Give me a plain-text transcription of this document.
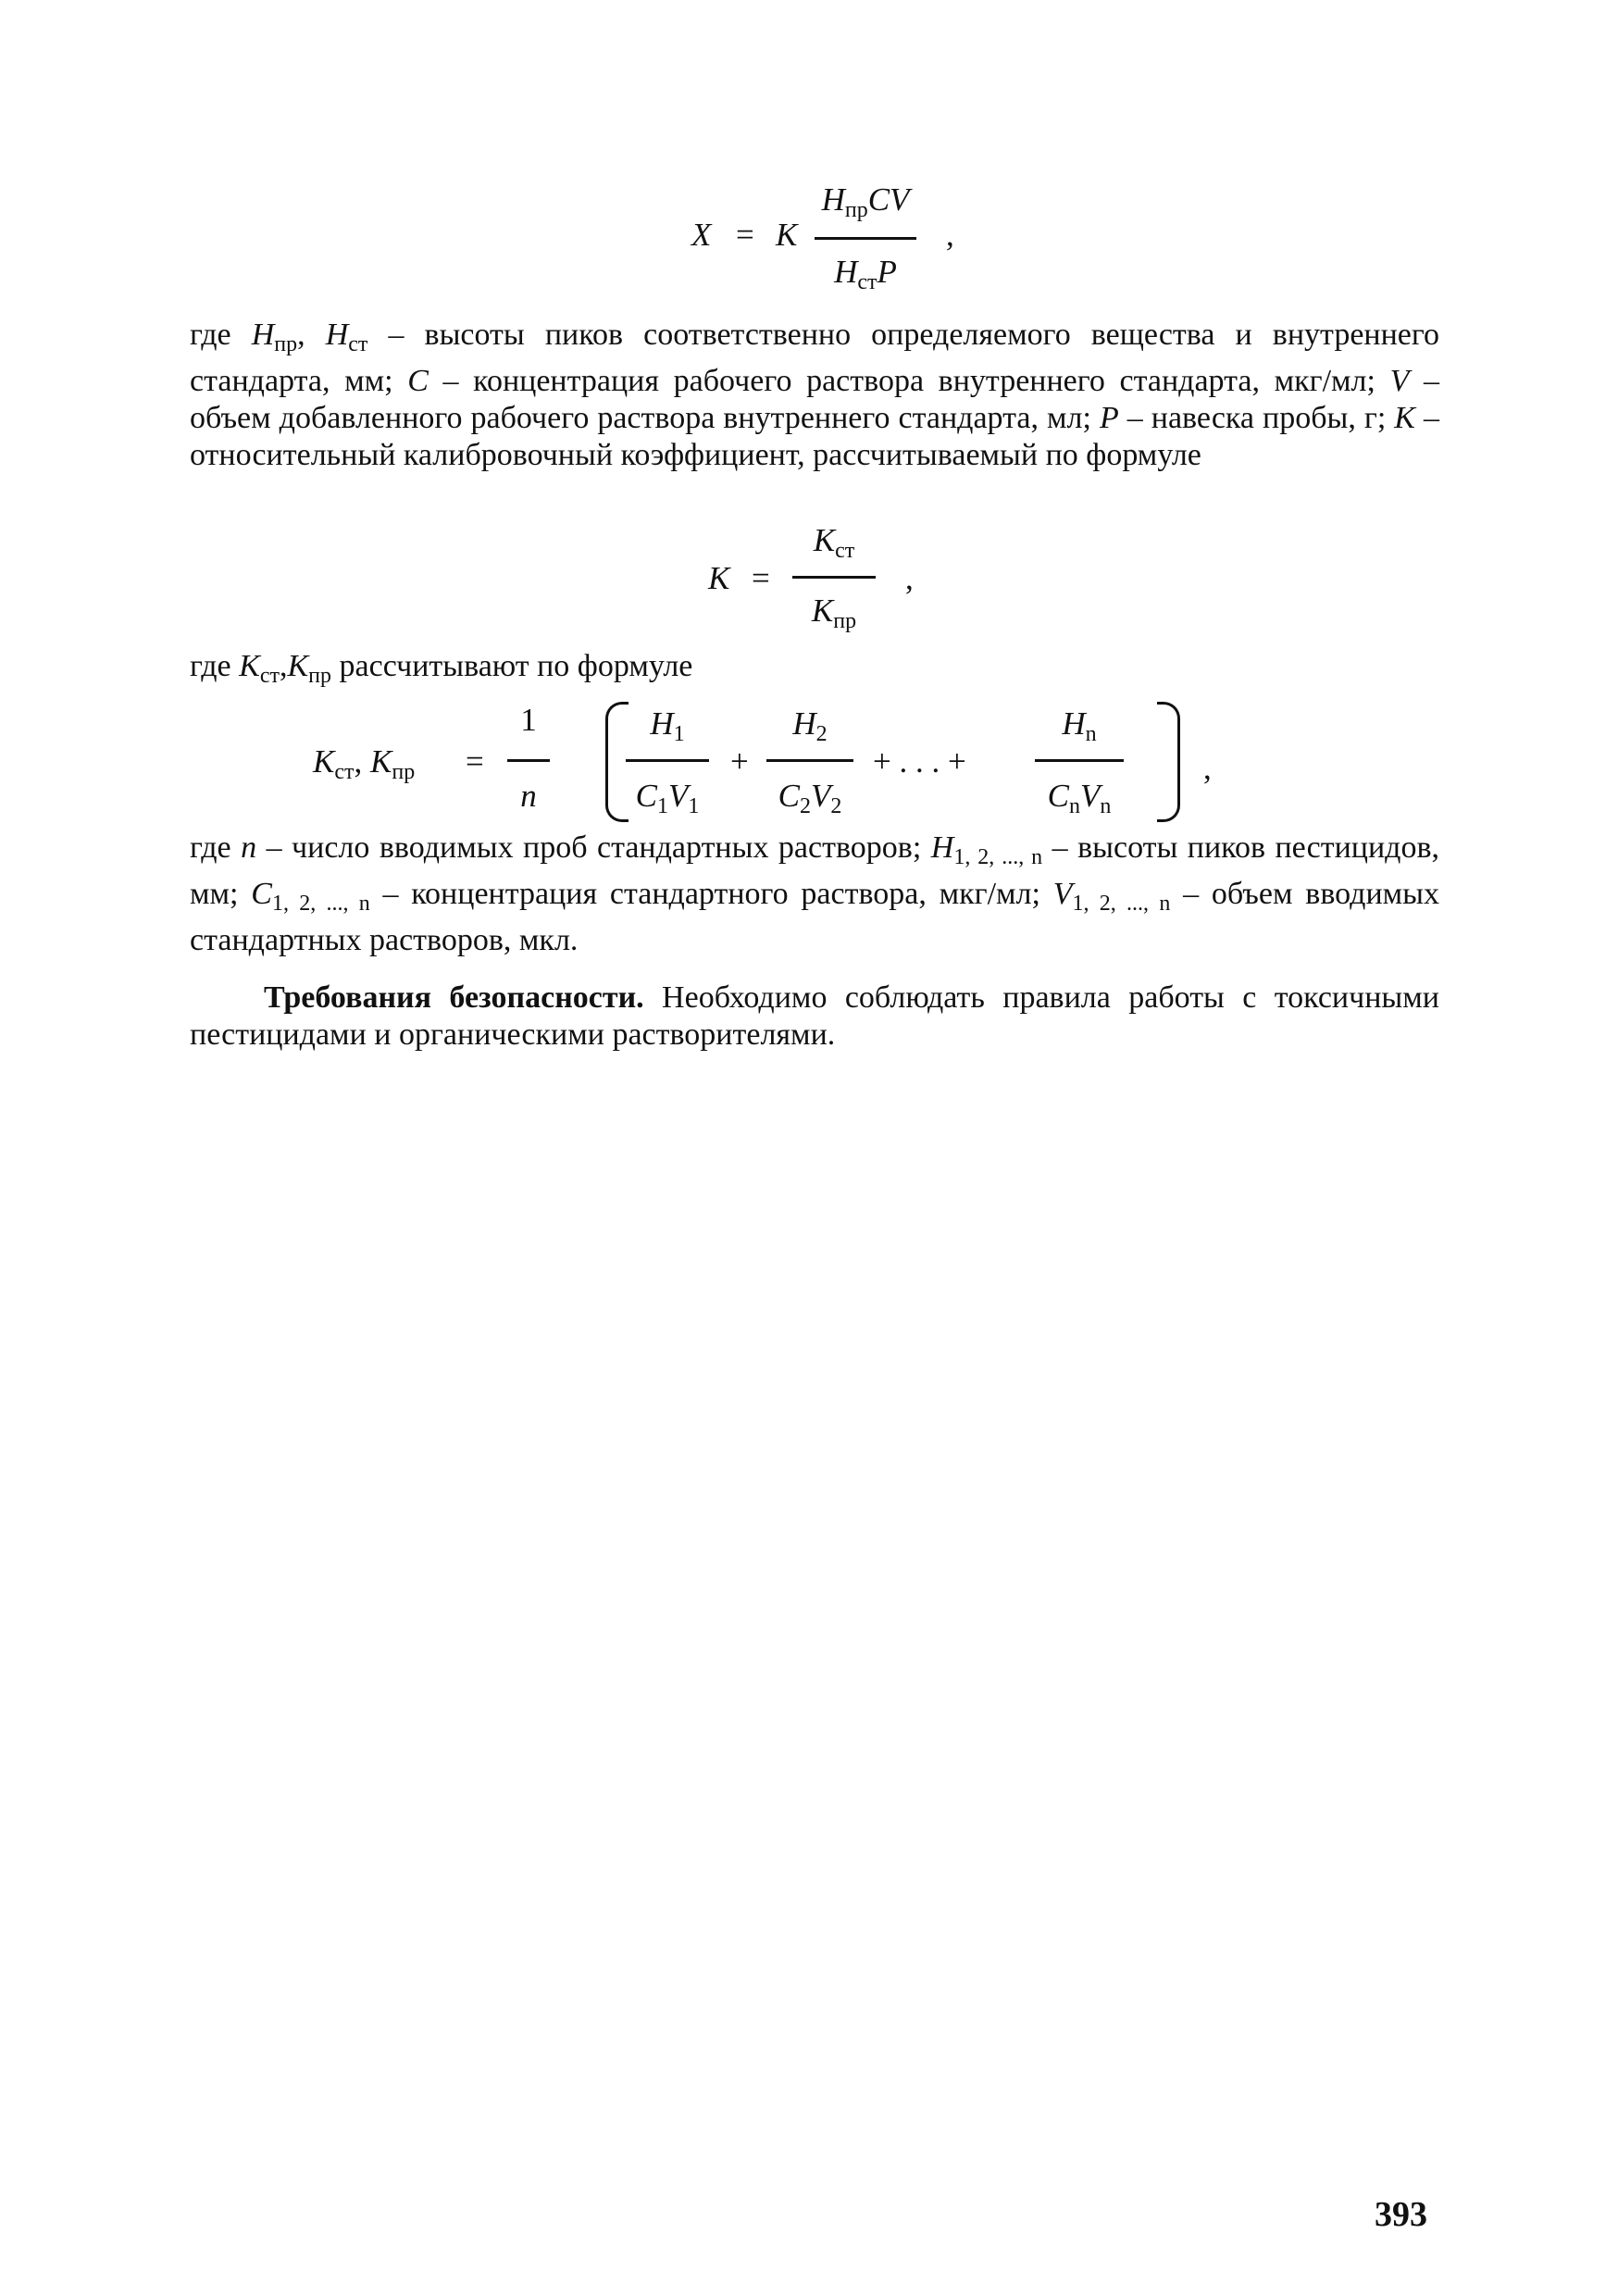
X = K
$H_{пр}CV$
$H_{ст}P$
,

где $H_{пр}$, $H_{ст}$ – высоты пиков соответственно определяемого вещества и внутреннего стандарта, мм; C – концентрация рабочего раствора внутреннего стандарта, мкг/мл; V – объем добавленного рабочего раствора внутреннего стандарта, мл; P – навеска пробы, г; K – относительный калибровочный коэффициент, рассчитываемый по формуле

K =
$K_{ст}$
$K_{пр}$
,

где $K_{ст},K_{пр}$ рассчитывают по формуле

$K_{ст}$, $K_{пр}$ =
1
n
$H_1$
$C_1V_1$
+
$H_2$
$C_2V_2$
+ . . . +
$H_n$
$C_nV_n$
,

где n – число вводимых проб стандартных растворов; $H_{1, 2, ..., n}$ – высоты пиков пестицидов, мм; $C_{1, 2, ..., n}$ – концентрация стандартного раствора, мкг/мл; $V_{1, 2, ..., n}$ – объем вводимых стандартных растворов, мкл.

Требования безопасности. Необходимо соблюдать правила работы с токсичными пестицидами и органическими растворителями.

393
